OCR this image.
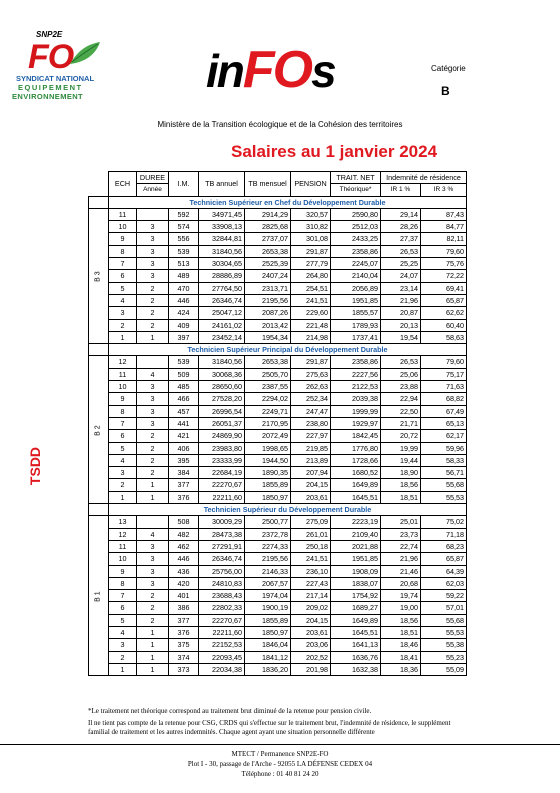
SNP2E
FO
SYNDICAT NATIONAL
EQUIPEMENT
ENVIRONNEMENT	inFOs	Catégorie
B
Ministère de la Transition écologique et de la Cohésion des territoires
Salaires au 1 janvier 2024
TSDD
	ECH	DUREE	I.M.	TB annuel	TB mensuel	PENSION	TRAIT. NET	Indemnité de résidence	
		Année					Théorique*	IR 1 %	IR 3 %
	Technicien Supérieur en Chef du Développement Durable								
B 3	11		592	34971,45	2914,29	320,57	2590,80	29,14	87,43
	10	3	574	33908,13	2825,68	310,82	2512,03	28,26	84,77
	9	3	556	32844,81	2737,07	301,08	2433,25	27,37	82,11
	8	3	539	31840,56	2653,38	291,87	2358,86	26,53	79,60
	7	3	513	30304,65	2525,39	277,79	2245,07	25,25	75,76
	6	3	489	28886,89	2407,24	264,80	2140,04	24,07	72,22
	5	2	470	27764,50	2313,71	254,51	2056,89	23,14	69,41
	4	2	446	26346,74	2195,56	241,51	1951,85	21,96	65,87
	3	2	424	25047,12	2087,26	229,60	1855,57	20,87	62,62
	2	2	409	24161,02	2013,42	221,48	1789,93	20,13	60,40
	1	1	397	23452,14	1954,34	214,98	1737,41	19,54	58,63
	Technicien Supérieur Principal du Développement Durable								
B 2	12		539	31840,56	2653,38	291,87	2358,86	26,53	79,60
	11	4	509	30068,36	2505,70	275,63	2227,56	25,06	75,17
	10	3	485	28650,60	2387,55	262,63	2122,53	23,88	71,63
	9	3	466	27528,20	2294,02	252,34	2039,38	22,94	68,82
	8	3	457	26996,54	2249,71	247,47	1999,99	22,50	67,49
	7	3	441	26051,37	2170,95	238,80	1929,97	21,71	65,13
	6	2	421	24869,90	2072,49	227,97	1842,45	20,72	62,17
	5	2	406	23983,80	1998,65	219,85	1776,80	19,99	59,96
	4	2	395	23333,99	1944,50	213,89	1728,66	19,44	58,33
	3	2	384	22684,19	1890,35	207,94	1680,52	18,90	56,71
	2	1	377	22270,67	1855,89	204,15	1649,89	18,56	55,68
	1	1	376	22211,60	1850,97	203,61	1645,51	18,51	55,53
	Technicien Supérieur du Développement Durable								
B 1	13		508	30009,29	2500,77	275,09	2223,19	25,01	75,02
	12	4	482	28473,38	2372,78	261,01	2109,40	23,73	71,18
	11	3	462	27291,91	2274,33	250,18	2021,88	22,74	68,23
	10	3	446	26346,74	2195,56	241,51	1951,85	21,96	65,87
	9	3	436	25756,00	2146,33	236,10	1908,09	21,46	64,39
	8	3	420	24810,83	2067,57	227,43	1838,07	20,68	62,03
	7	2	401	23688,43	1974,04	217,14	1754,92	19,74	59,22
	6	2	386	22802,33	1900,19	209,02	1689,27	19,00	57,01
	5	2	377	22270,67	1855,89	204,15	1649,89	18,56	55,68
	4	1	376	22211,60	1850,97	203,61	1645,51	18,51	55,53
	3	1	375	22152,53	1846,04	203,06	1641,13	18,46	55,38
	2	1	374	22093,45	1841,12	202,52	1636,76	18,41	55,23
	1	1	373	22034,38	1836,20	201,98	1632,38	18,36	55,09

*Le traitement net théorique correspond au traitement brut diminué de la retenue pour pension civile.

Il ne tient pas compte de la retenue pour CSG, CRDS qui s'effectue sur le traitement brut, l'indemnité de résidence, le supplément familial de traitement et les autres indemnités. Chaque agent ayant une situation personnelle différente

MTECT / Permanence SNP2E-FO
Plot I - 30, passage de l'Arche - 92055 LA DÉFENSE CEDEX 04
Téléphone : 01 40 81 24 20
